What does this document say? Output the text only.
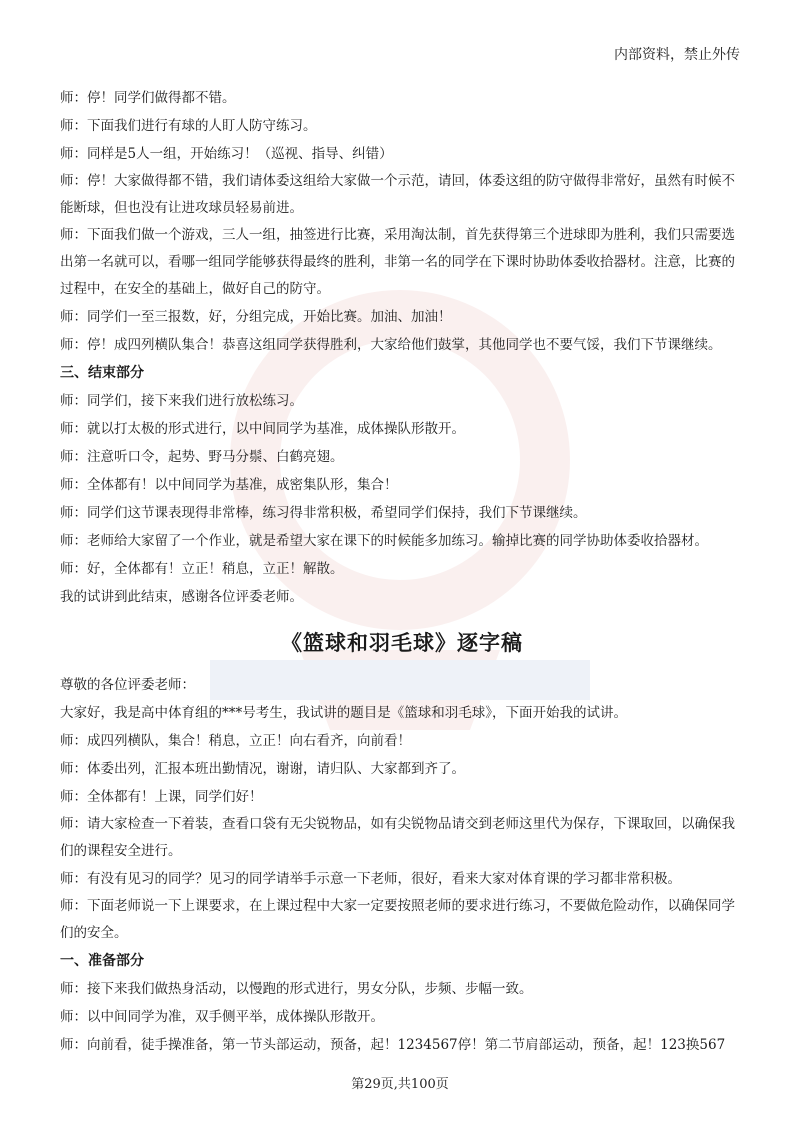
内部资料，禁止外传

师：停！同学们做得都不错。

师：下面我们进行有球的人盯人防守练习。

师：同样是5人一组，开始练习！（巡视、指导、纠错）

师：停！大家做得都不错，我们请体委这组给大家做一个示范，请回，体委这组的防守做得非常好，虽然有时候不能断球，但也没有让进攻球员轻易前进。

师：下面我们做一个游戏，三人一组，抽签进行比赛，采用淘汰制，首先获得第三个进球即为胜利，我们只需要选出第一名就可以，看哪一组同学能够获得最终的胜利，非第一名的同学在下课时协助体委收拾器材。注意，比赛的过程中，在安全的基础上，做好自己的防守。

师：同学们一至三报数，好，分组完成，开始比赛。加油、加油！

师：停！成四列横队集合！恭喜这组同学获得胜利，大家给他们鼓掌，其他同学也不要气馁，我们下节课继续。

三、结束部分

师：同学们，接下来我们进行放松练习。

师：就以打太极的形式进行，以中间同学为基准，成体操队形散开。

师：注意听口令，起势、野马分鬃、白鹤亮翅。

师：全体都有！以中间同学为基准，成密集队形，集合！

师：同学们这节课表现得非常棒，练习得非常积极，希望同学们保持，我们下节课继续。

师：老师给大家留了一个作业，就是希望大家在课下的时候能多加练习。输掉比赛的同学协助体委收拾器材。

师：好，全体都有！立正！稍息，立正！解散。

我的试讲到此结束，感谢各位评委老师。

《篮球和羽毛球》逐字稿

尊敬的各位评委老师：

大家好，我是高中体育组的***号考生，我试讲的题目是《篮球和羽毛球》，下面开始我的试讲。

师：成四列横队，集合！稍息，立正！向右看齐，向前看！

师：体委出列，汇报本班出勤情况，谢谢，请归队、大家都到齐了。

师：全体都有！上课，同学们好！

师：请大家检查一下着装，查看口袋有无尖锐物品，如有尖锐物品请交到老师这里代为保存，下课取回，以确保我们的课程安全进行。

师：有没有见习的同学？见习的同学请举手示意一下老师，很好，看来大家对体育课的学习都非常积极。

师：下面老师说一下上课要求，在上课过程中大家一定要按照老师的要求进行练习，不要做危险动作，以确保同学们的安全。

一、准备部分

师：接下来我们做热身活动，以慢跑的形式进行，男女分队，步频、步幅一致。

师：以中间同学为准，双手侧平举，成体操队形散开。

师：向前看，徒手操准备，第一节头部运动，预备，起！1234567停！第二节肩部运动，预备，起！123换567

第29页,共100页
